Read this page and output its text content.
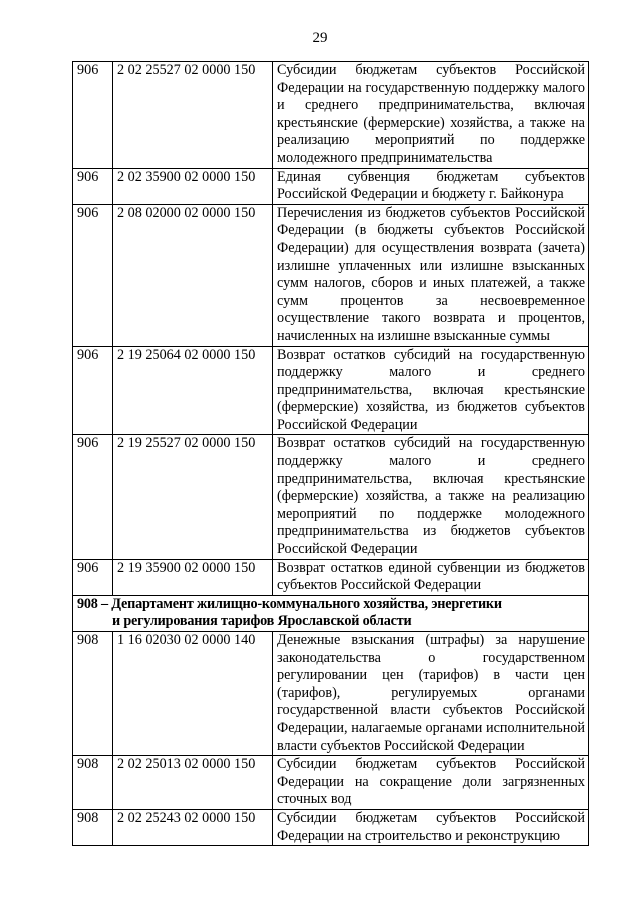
29
906	2 02 25527 02 0000 150	Субсидии бюджетам субъектов Российской Федерации на государственную поддержку малого и среднего предпринимательства, включая крестьянские (фермерские) хозяйства, а также на реализацию мероприятий по поддержке молодежного предпринимательства
906	2 02 35900 02 0000 150	Единая субвенция бюджетам субъектов Российской Федерации и бюджету г. Байконура
906	2 08 02000 02 0000 150	Перечисления из бюджетов субъектов Российской Федерации (в бюджеты субъектов Российской Федерации) для осуществления возврата (зачета) излишне уплаченных или излишне взысканных сумм налогов, сборов и иных платежей, а также сумм процентов за несвоевременное осуществление такого возврата и процентов, начисленных на излишне взысканные суммы
906	2 19 25064 02 0000 150	Возврат остатков субсидий на государственную поддержку малого и среднего предпринимательства, включая крестьянские (фермерские) хозяйства, из бюджетов субъектов Российской Федерации
906	2 19 25527 02 0000 150	Возврат остатков субсидий на государственную поддержку малого и среднего предпринимательства, включая крестьянские (фермерские) хозяйства, а также на реализацию мероприятий по поддержке молодежного предпринимательства из бюджетов субъектов Российской Федерации
906	2 19 35900 02 0000 150	Возврат остатков единой субвенции из бюджетов субъектов Российской Федерации

908 – Департамент жилищно-коммунального хозяйства, энергетики
и регулирования тарифов Ярославской области		

908	1 16 02030 02 0000 140	Денежные взыскания (штрафы) за нарушение законодательства о государственном регулировании цен (тарифов) в части цен (тарифов), регулируемых органами государственной власти субъектов Российской Федерации, налагаемые органами исполнительной власти субъектов Российской Федерации
908	2 02 25013 02 0000 150	Субсидии бюджетам субъектов Российской Федерации на сокращение доли загрязненных сточных вод
908	2 02 25243 02 0000 150	Субсидии бюджетам субъектов Российской Федерации на строительство и реконструкцию
